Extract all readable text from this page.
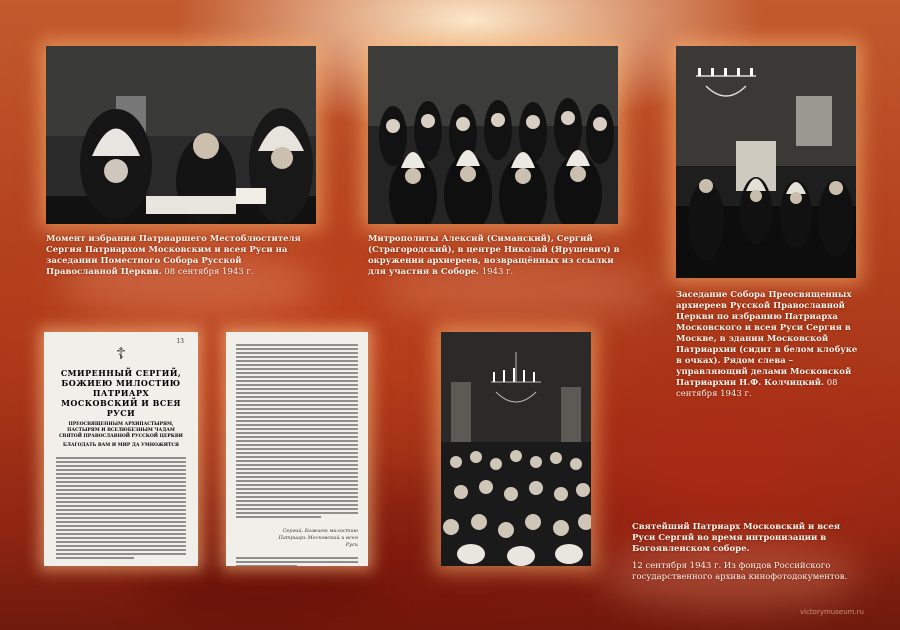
13
☦
СМИРЕННЫЙ СЕРГИЙ, БОЖИЕЮ МИЛОСТИЮ ПАТРИАРХ МОСКОВСКИЙ И ВСЕЯ РУСИ
ПРЕОСВЯЩЕННЫМ АРХИПАСТЫРЯМ, ПАСТЫРЯМ И ВСЕЛЮБЕЗНЫМ ЧАДАМ СВЯТОЙ ПРАВОСЛАВНОЙ РУССКОЙ ЦЕРКВИ
БЛАГОДАТЬ ВАМ И МИР ДА УМНОЖИТСЯ
Сергий, Божиею милостию Патриарх Московский и всея Руси
Момент избрания Патриаршего Местоблюстителя Сергия Патриархом Московским и всея Руси на заседании Поместного Собора Русской Православной Церкви. 08 сентября 1943 г.
Митрополиты Алексий (Симанский), Сергий (Страгородский), в центре Николай (Ярушевич) в окружении архиереев, возвращённых из ссылки для участия в Соборе. 1943 г.
Заседание Собора Преосвященных архиереев Русской Православной Церкви по избранию Патриарха Московского и всея Руси Сергия в Москве, в здании Московской Патриархии (сидит в белом клобуке в очках). Рядом слева – управляющий делами Московской Патриархии Н.Ф. Колчицкий. 08 сентября 1943 г.
Святейший Патриарх Московский и всея Руси Сергий во время интронизации в Богоявленском соборе.
12 сентября 1943 г. Из фондов Российского государственного архива кинофотодокументов.
victorymuseum.ru
